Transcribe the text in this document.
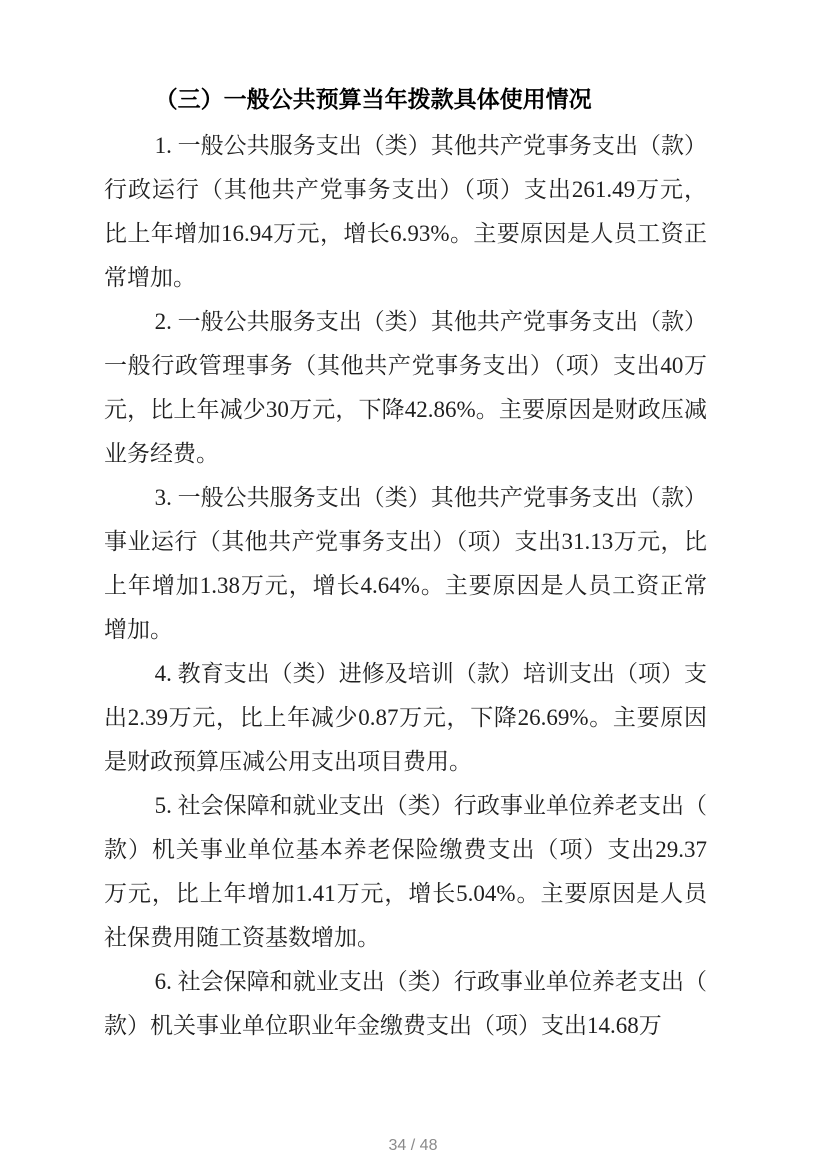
（三）一般公共预算当年拨款具体使用情况

1. 一般公共服务支出（类）其他共产党事务支出（款）行政运行（其他共产党事务支出）（项）支出261.49万元，比上年增加16.94万元，增长6.93%。主要原因是人员工资正常增加。

2. 一般公共服务支出（类）其他共产党事务支出（款）一般行政管理事务（其他共产党事务支出）（项）支出40万元，比上年减少30万元，下降42.86%。主要原因是财政压减业务经费。

3. 一般公共服务支出（类）其他共产党事务支出（款）事业运行（其他共产党事务支出）（项）支出31.13万元，比上年增加1.38万元，增长4.64%。主要原因是人员工资正常增加。

4. 教育支出（类）进修及培训（款）培训支出（项）支出2.39万元，比上年减少0.87万元，下降26.69%。主要原因是财政预算压减公用支出项目费用。

5. 社会保障和就业支出（类）行政事业单位养老支出（款）机关事业单位基本养老保险缴费支出（项）支出29.37万元，比上年增加1.41万元，增长5.04%。主要原因是人员社保费用随工资基数增加。

6. 社会保障和就业支出（类）行政事业单位养老支出（款）机关事业单位职业年金缴费支出（项）支出14.68万

34 / 48
